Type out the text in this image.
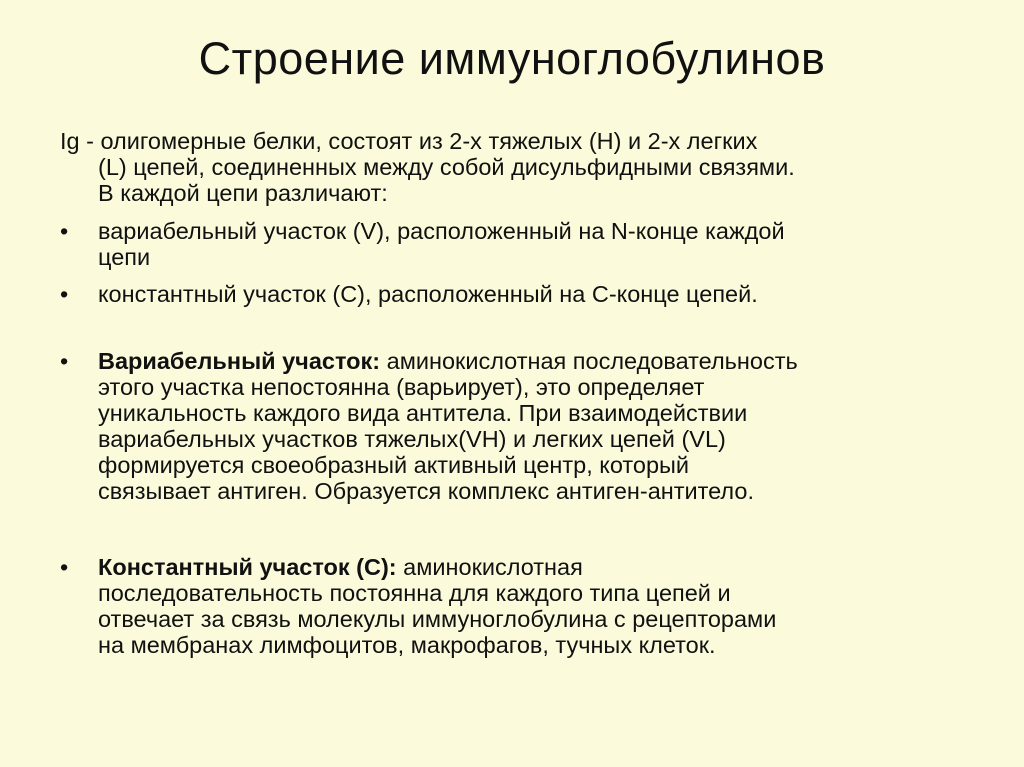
Строение иммуноглобулинов

Ig - олигомерные белки, состоят из 2-х тяжелых (H) и 2-х легких

(L) цепей, соединенных между собой дисульфидными связями.

В каждой цепи различают:

•	вариабельный участок (V), расположенный на N-конце каждой
цепи
•	константный участок (С), расположенный на С-конце цепей.
•	Вариабельный участок: аминокислотная последовательность
этого участка непостоянна (варьирует), это определяет
уникальность каждого вида антитела. При взаимодействии
вариабельных участков тяжелых(VH) и легких цепей (VL)
формируется своеобразный активный центр, который
связывает антиген. Образуется комплекс антиген-антитело.
•	Константный участок (С): аминокислотная
последовательность постоянна для каждого типа цепей и
отвечает за связь молекулы иммуноглобулина с рецепторами
на мембранах лимфоцитов, макрофагов, тучных клеток.
